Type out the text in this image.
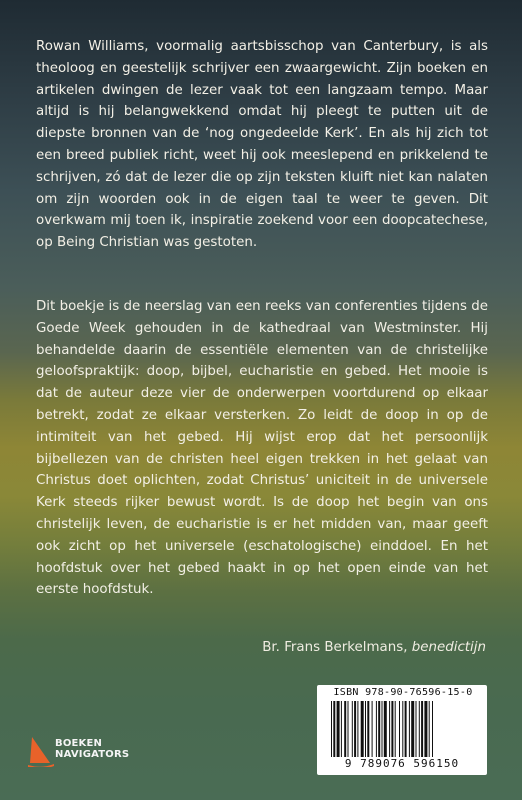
Rowan Williams, voormalig aartsbisschop van Canterbury, is als theoloog en geestelijk schrijver een zwaargewicht. Zijn boeken en artikelen dwingen de lezer vaak tot een langzaam tempo. Maar altijd is hij belangwekkend omdat hij pleegt te putten uit de diepste bronnen van de ‘nog ongedeelde Kerk’. En als hij zich tot een breed publiek richt, weet hij ook meeslepend en prikkelend te schrijven, zó dat de lezer die op zijn teksten kluift niet kan nalaten om zijn woorden ook in de eigen taal te weer te geven. Dit overkwam mij toen ik, inspiratie zoekend voor een doopcatechese, op Being Christian was gestoten.
Dit boekje is de neerslag van een reeks van conferenties tijdens de Goede Week gehouden in de kathedraal van Westminster. Hij behandelde daarin de essentiële elementen van de christelijke geloofspraktijk: doop, bijbel, eucharistie en gebed. Het mooie is dat de auteur deze vier de onderwerpen voortdurend op elkaar betrekt, zodat ze elkaar versterken. Zo leidt de doop in op de intimiteit van het gebed. Hij wijst erop dat het persoonlijk bijbellezen van de christen heel eigen trekken in het gelaat van Christus doet oplichten, zodat Christus’ uniciteit in de universele Kerk steeds rijker bewust wordt. Is de doop het begin van ons christelijk leven, de eucharistie is er het midden van, maar geeft ook zicht op het universele (eschatologische) einddoel. En het hoofdstuk over het gebed haakt in op het open einde van het eerste hoofdstuk.
Br. Frans Berkelmans, benedictijn
BOEKEN
NAVIGATORS
ISBN 978-90-76596-15-0
9 789076 596150
